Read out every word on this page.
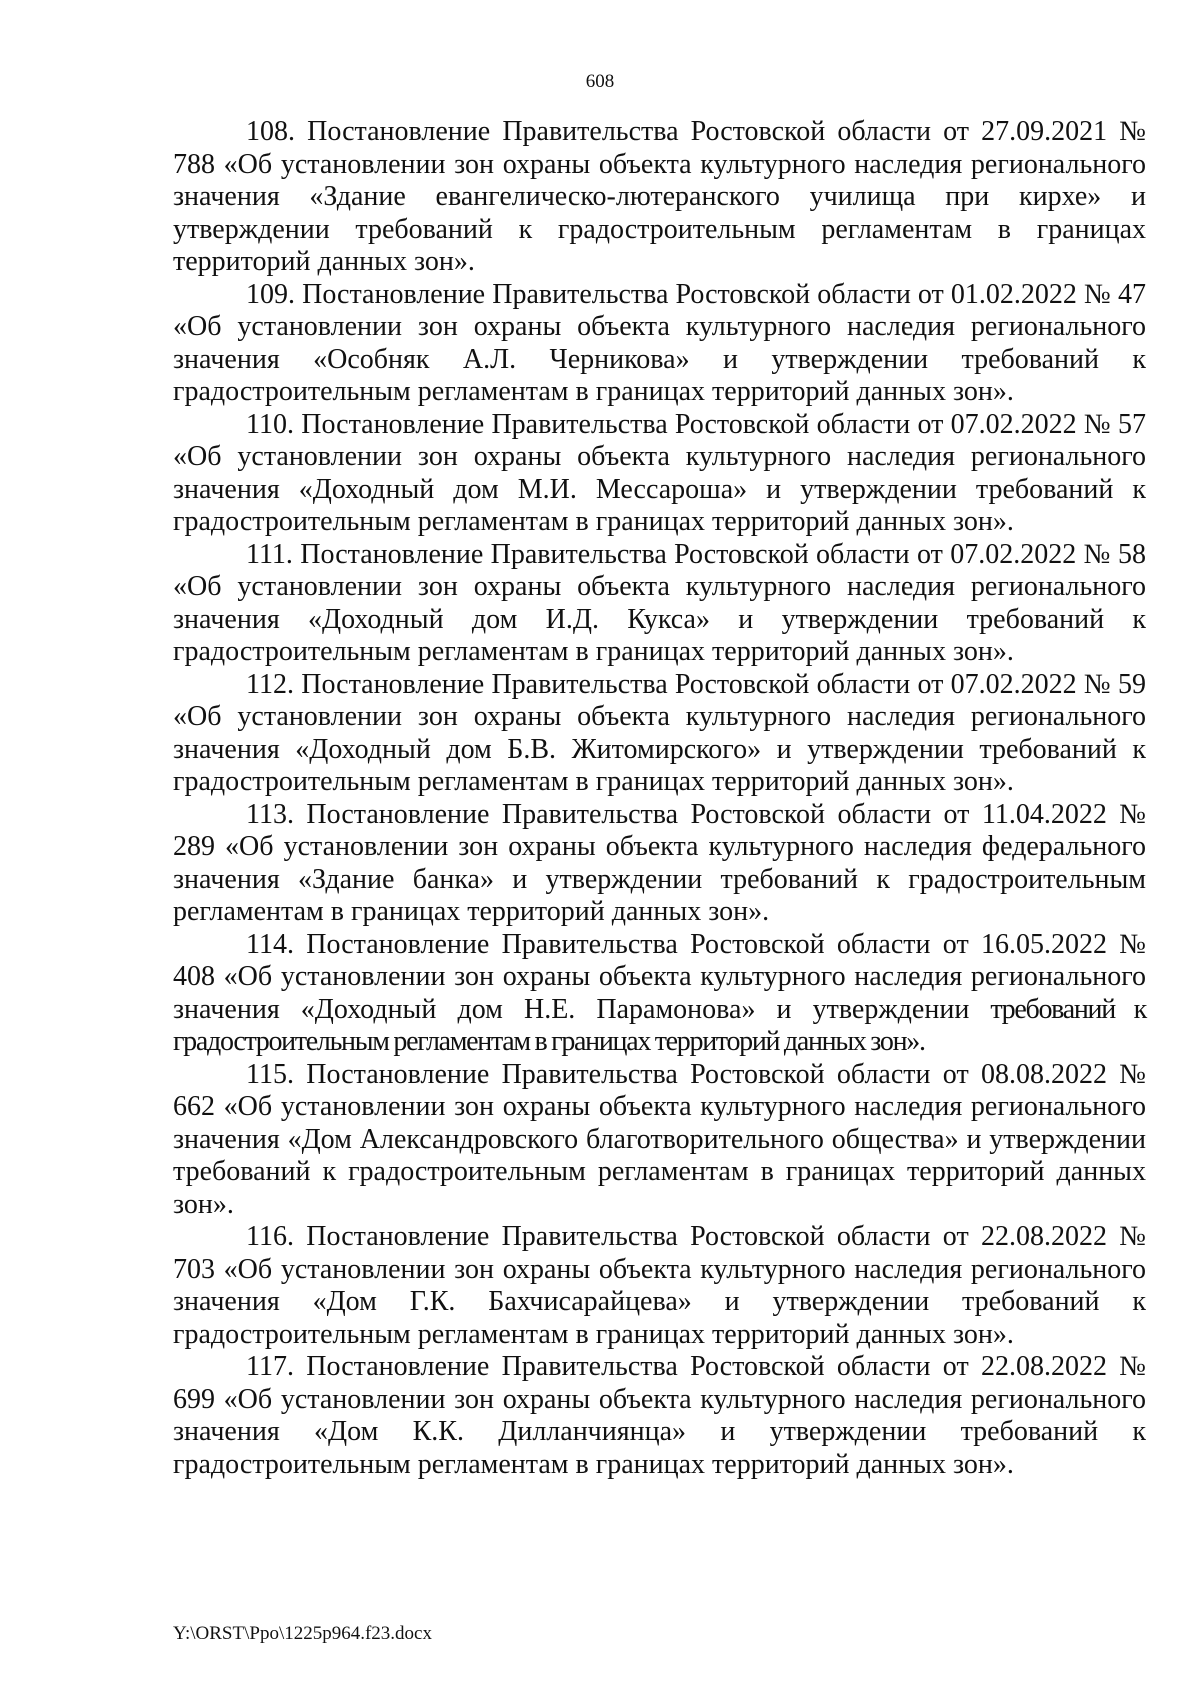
608

108. Постановление Правительства Ростовской области от 27.09.2021 № 788 «Об установлении зон охраны объекта культурного наследия регионального значения «Здание евангелическо-лютеранского училища при кирхе» и утверждении требований к градостроительным регламентам в границах территорий данных зон».

109. Постановление Правительства Ростовской области от 01.02.2022 № 47 «Об установлении зон охраны объекта культурного наследия регионального значения «Особняк А.Л. Черникова» и утверждении требований к градостроительным регламентам в границах территорий данных зон».

110. Постановление Правительства Ростовской области от 07.02.2022 № 57 «Об установлении зон охраны объекта культурного наследия регионального значения «Доходный дом М.И. Мессароша» и утверждении требований к градостроительным регламентам в границах территорий данных зон».

111. Постановление Правительства Ростовской области от 07.02.2022 № 58 «Об установлении зон охраны объекта культурного наследия регионального значения «Доходный дом И.Д. Кукса» и утверждении требований к градостроительным регламентам в границах территорий данных зон».

112. Постановление Правительства Ростовской области от 07.02.2022 № 59 «Об установлении зон охраны объекта культурного наследия регионального значения «Доходный дом Б.В. Житомирского» и утверждении требований к градостроительным регламентам в границах территорий данных зон».

113. Постановление Правительства Ростовской области от 11.04.2022 № 289 «Об установлении зон охраны объекта культурного наследия федерального значения «Здание банка» и утверждении требований к градостроительным регламентам в границах территорий данных зон».

114. Постановление Правительства Ростовской области от 16.05.2022 № 408 «Об установлении зон охраны объекта культурного наследия регионального значения «Доходный дом Н.Е. Парамонова» и утверждении требований к градостроительным регламентам в границах территорий данных зон».

115. Постановление Правительства Ростовской области от 08.08.2022 № 662 «Об установлении зон охраны объекта культурного наследия регионального значения «Дом Александровского благотворительного общества» и утверждении требований к градостроительным регламентам в границах территорий данных зон».

116. Постановление Правительства Ростовской области от 22.08.2022 № 703 «Об установлении зон охраны объекта культурного наследия регионального значения «Дом Г.К. Бахчисарайцева» и утверждении требований к градостроительным регламентам в границах территорий данных зон».

117. Постановление Правительства Ростовской области от 22.08.2022 № 699 «Об установлении зон охраны объекта культурного наследия регионального значения «Дом К.К. Дилланчиянца» и утверждении требований к градостроительным регламентам в границах территорий данных зон».

Y:\ORST\Ppo\1225p964.f23.docx
